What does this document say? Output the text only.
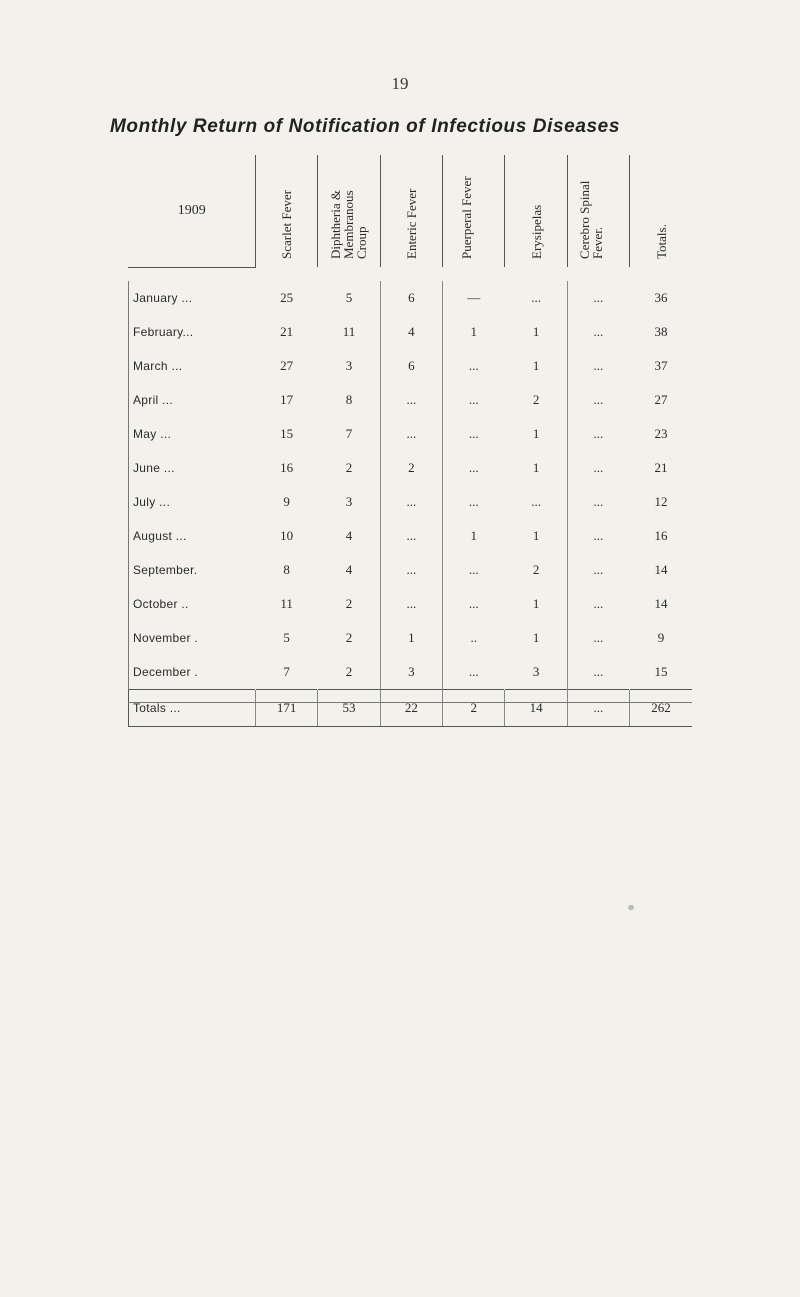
19
Monthly Return of Notification of Infectious Diseases
1909	Scarlet Fever	Diphtheria & Membranous Croup	Enteric Fever	Puerperal Fever	Erysipelas	Cerebro Spinal Fever.	Totals.

January ...	25	5	6	—	...	...	36
February...	21	11	4	1	1	...	38
March ...	27	3	6	...	1	...	37
April ...	17	8	...	...	2	...	27
May ...	15	7	...	...	1	...	23
June ...	16	2	2	...	1	...	21
July ...	9	3	...	...	...	...	12
August ...	10	4	...	1	1	...	16
September.	8	4	...	...	2	...	14
October ..	11	2	...	...	1	...	14
November .	5	2	1	..	1	...	9
December .	7	2	3	...	3	...	15
Totals ...	171	53	22	2	14	...	262
